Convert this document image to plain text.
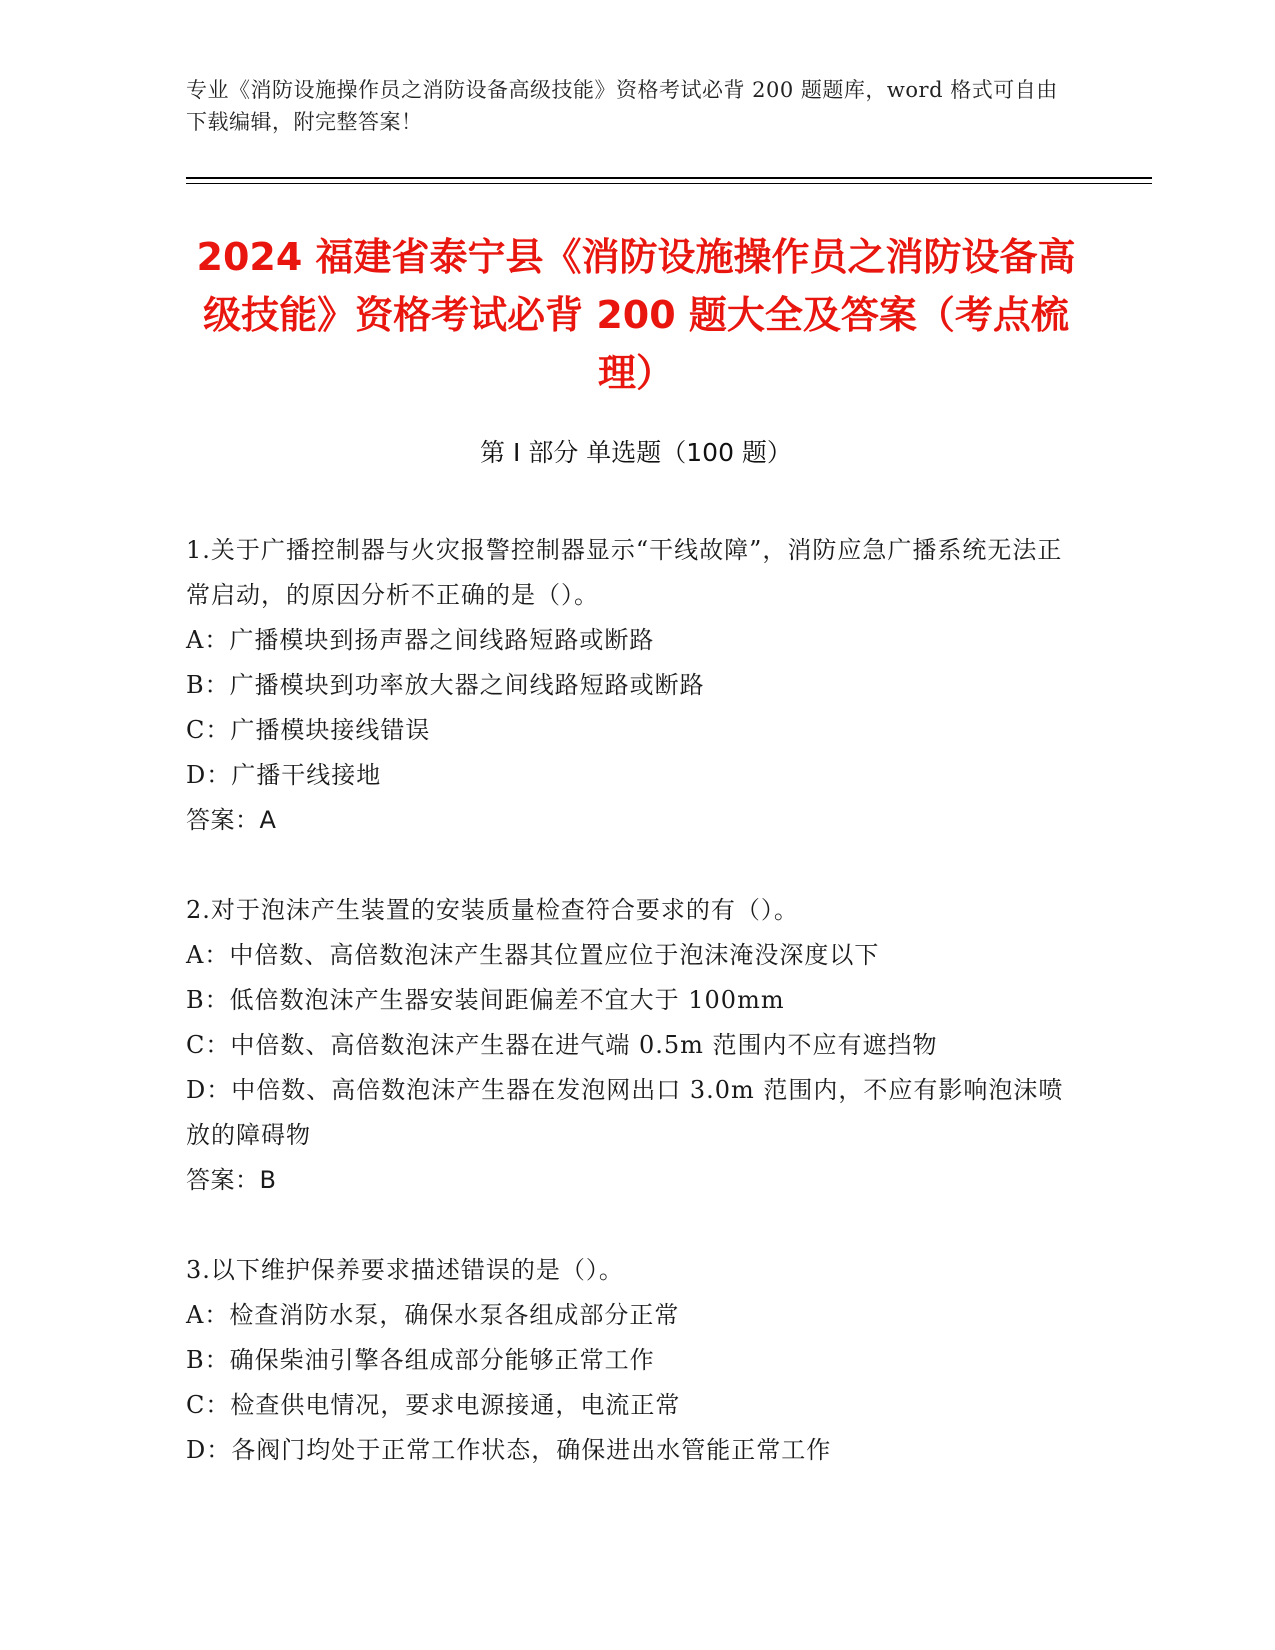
专业《消防设施操作员之消防设备高级技能》资格考试必背 200 题题库，word 格式可自由下载编辑，附完整答案！
2024 福建省泰宁县《消防设施操作员之消防设备高级技能》资格考试必背 200 题大全及答案（考点梳理）
第 I 部分 单选题（100 题）

1.关于广播控制器与火灾报警控制器显示“干线故障”，消防应急广播系统无法正常启动，的原因分析不正确的是（）。

A：广播模块到扬声器之间线路短路或断路

B：广播模块到功率放大器之间线路短路或断路

C：广播模块接线错误

D：广播干线接地

答案：A

2.对于泡沫产生装置的安装质量检查符合要求的有（）。

A：中倍数、高倍数泡沫产生器其位置应位于泡沫淹没深度以下

B：低倍数泡沫产生器安装间距偏差不宜大于 100mm

C：中倍数、高倍数泡沫产生器在进气端 0.5m 范围内不应有遮挡物

D：中倍数、高倍数泡沫产生器在发泡网出口 3.0m 范围内，不应有影响泡沫喷放的障碍物

答案：B

3.以下维护保养要求描述错误的是（）。

A：检查消防水泵，确保水泵各组成部分正常

B：确保柴油引擎各组成部分能够正常工作

C：检查供电情况，要求电源接通，电流正常

D：各阀门均处于正常工作状态，确保进出水管能正常工作
